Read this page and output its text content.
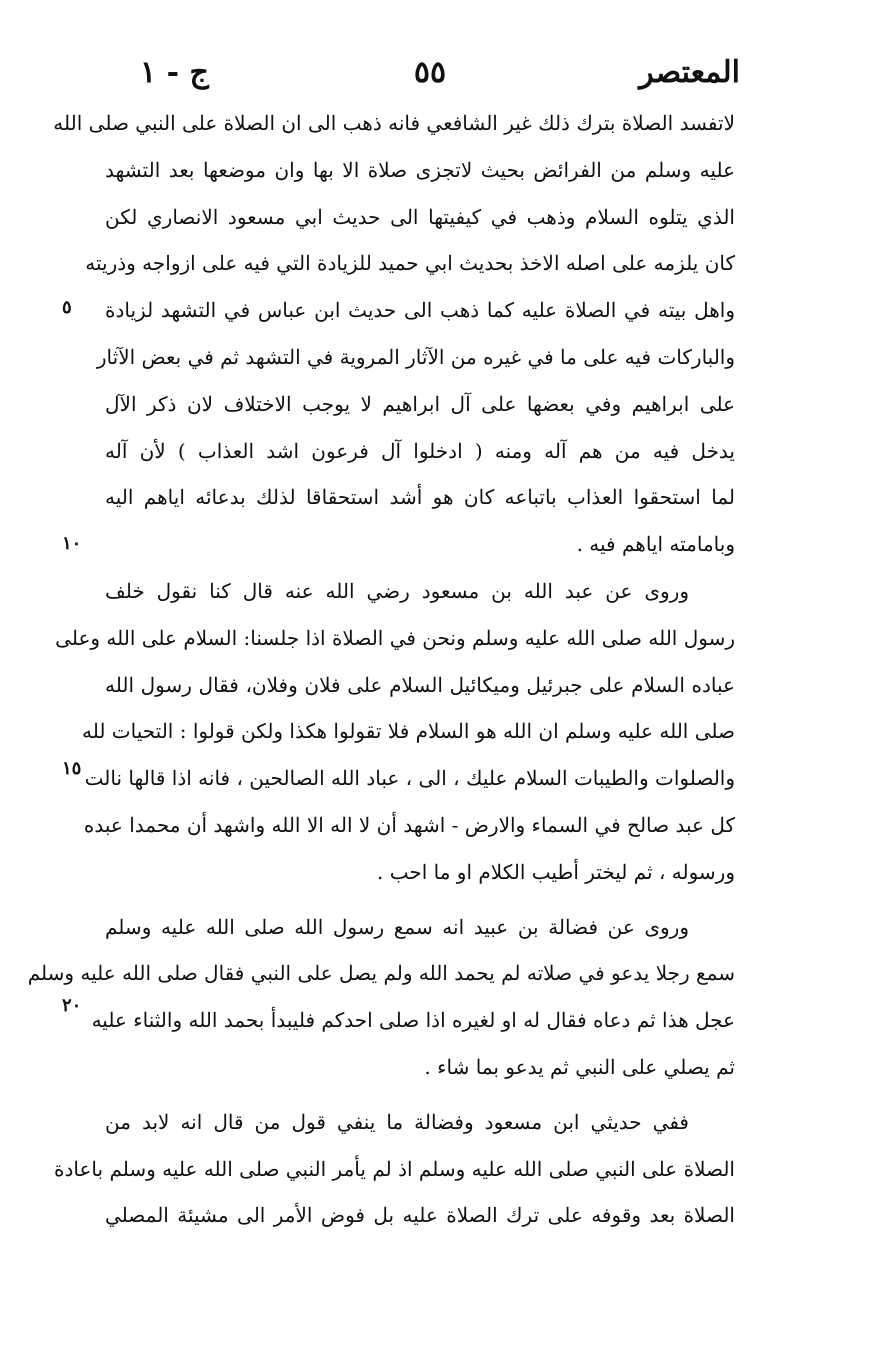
ج - ١	٥٥	المعتصر
٥
١٠
١٥
٢٠
لاتفسد الصلاة بترك ذلك غير الشافعي فانه ذهب الى ان الصلاة على النبي صلى الله
عليه وسلم من الفرائض بحيث لاتجزى صلاة الا بها وان موضعها بعد التشهد
الذي يتلوه السلام وذهب في كيفيتها الى حديث ابي مسعود الانصاري لكن
كان يلزمه على اصله الاخذ بحديث ابي حميد للزيادة التي فيه على ازواجه وذريته
واهل بيته في الصلاة عليه كما ذهب الى حديث ابن عباس في التشهد لزيادة
والباركات فيه على ما في غيره من الآثار المروية في التشهد ثم في بعض الآثار
على ابراهيم وفي بعضها على آل ابراهيم لا يوجب الاختلاف لان ذكر الآل
يدخل فيه من هم آله ومنه ( ادخلوا آل فرعون اشد العذاب ) لأن آله
لما استحقوا العذاب باتباعه كان هو أشد استحقاقا لذلك بدعائه اياهم اليه
وبامامته اياهم فيه .
وروى عن عبد الله بن مسعود رضي الله عنه قال كنا نقول خلف
رسول الله صلى الله عليه وسلم ونحن في الصلاة اذا جلسنا: السلام على الله وعلى
عباده السلام على جبرئيل وميكائيل السلام على فلان وفلان، فقال رسول الله
صلى الله عليه وسلم ان الله هو السلام فلا تقولوا هكذا ولكن قولوا : التحيات لله
والصلوات والطيبات السلام عليك ، الى ، عباد الله الصالحين ، فانه اذا قالها نالت
كل عبد صالح في السماء والارض - اشهد أن لا اله الا الله واشهد أن محمدا عبده
ورسوله ، ثم ليختر أطيب الكلام او ما احب .
وروى عن فضالة بن عبيد انه سمع رسول الله صلى الله عليه وسلم
سمع رجلا يدعو في صلاته لم يحمد الله ولم يصل على النبي فقال صلى الله عليه وسلم
عجل هذا ثم دعاه فقال له او لغيره اذا صلى احدكم فليبدأ بحمد الله والثناء عليه
ثم يصلي على النبي ثم يدعو بما شاء .
ففي حديثي ابن مسعود وفضالة ما ينفي قول من قال انه لابد من
الصلاة على النبي صلى الله عليه وسلم اذ لم يأمر النبي صلى الله عليه وسلم باعادة
الصلاة بعد وقوفه على ترك الصلاة عليه بل فوض الأمر الى مشيئة المصلي
